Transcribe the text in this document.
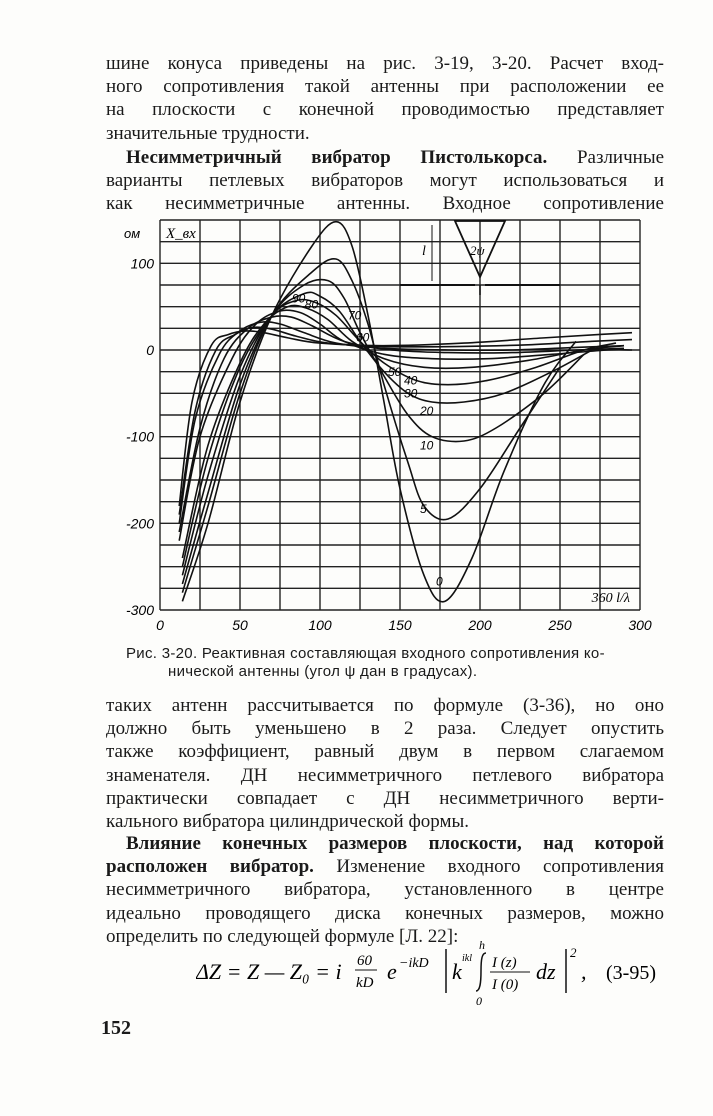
шине конуса приведены на рис. 3-19, 3-20. Расчет вход-
ного сопротивления такой антенны при расположении ее
на плоскости с конечной проводимостью представляет
значительные трудности.

Несимметричный вибратор Пистолькорса. Различные
варианты петлевых вибраторов могут использоваться и
как несимметричные антенны. Входное сопротивление

0
5
10
20
30
40
50
60
70
80
90
0	50	100	150	200	250	300
100
0
-100
-200
-300
X_вх
ом
360 l/λ
l	2ψ
Рис. 3-20. Реактивная составляющая входного сопротивления ко-
нической антенны (угол ψ дан в градусах).

таких антенн рассчитывается по формуле (3-36), но оно
должно быть уменьшено в 2 раза. Следует опустить
также коэффициент, равный двум в первом слагаемом
знаменателя. ДН несимметричного петлевого вибратора
практически совпадает с ДН несимметричного верти-
кального вибратора цилиндрической формы.

Влияние конечных размеров плоскости, над которой
расположен вибратор. Изменение входного сопротивления
несимметричного вибратора, установленного в центре
идеально проводящего диска конечных размеров, можно
определить по следующей формуле [Л. 22]:

ΔZ = Z — Z₀ = i 60
kD e −ikD k
ikl
h
0
I (z)
I (0)
dz
2
, (3-95)
152
